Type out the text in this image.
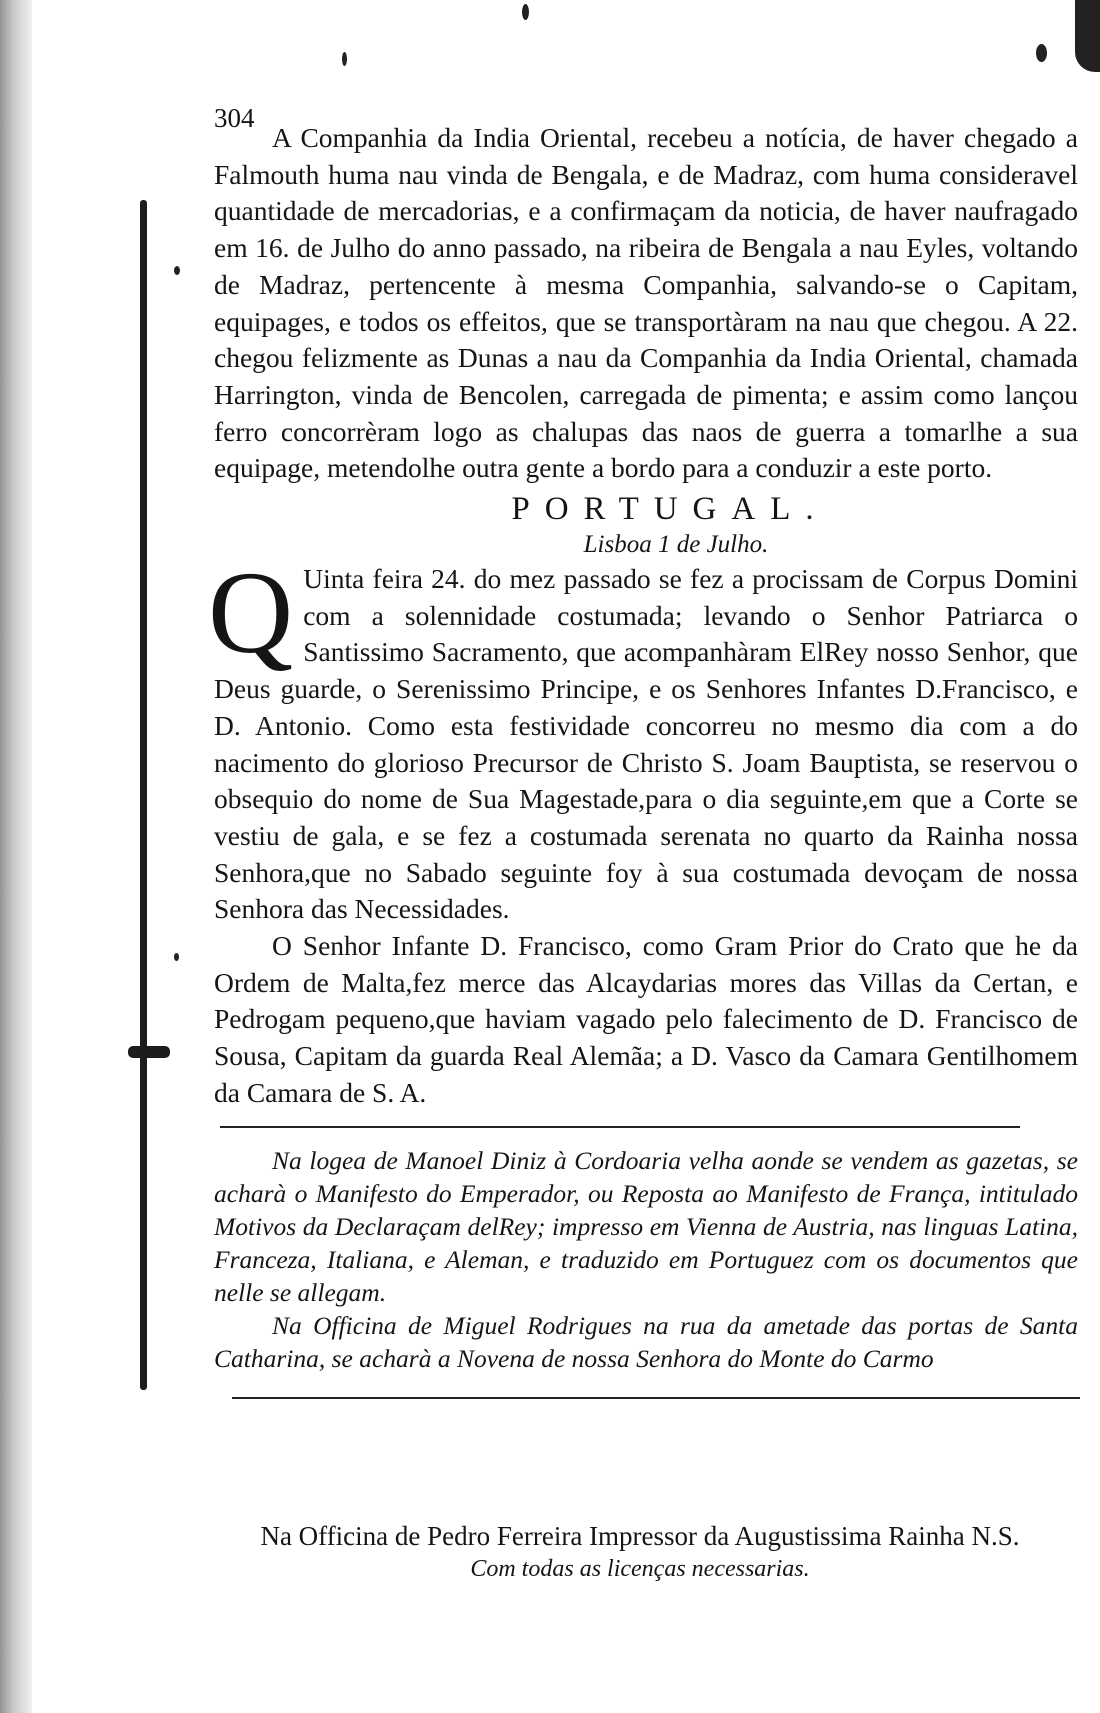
304

A Companhia da India Oriental, recebeu a notícia, de haver chegado a Falmouth huma nau vinda de Bengala, e de Madraz, com huma consideravel quantidade de mercadorias, e a confirmaçam da noticia, de haver naufragado em 16. de Julho do anno passado, na ribeira de Bengala a nau Eyles, voltando de Madraz, pertencente à mesma Companhia, salvando-se o Capitam, equipages, e todos os effeitos, que se transportàram na nau que chegou. A 22. chegou felizmente as Dunas a nau da Companhia da India Oriental, chamada Harrington, vinda de Bencolen, carregada de pimenta; e assim como lançou ferro concorrèram logo as chalupas das naos de guerra a tomarlhe a sua equipage, metendolhe outra gente a bordo para a conduzir a este porto.

PORTUGAL.
Lisboa 1 de Julho.

Q Uinta feira 24. do mez passado se fez a procissam de Corpus Domini com a solennidade costumada; levando o Senhor Patriarca o Santissimo Sacramento, que acompanhàram ElRey nosso Senhor, que Deus guarde, o Serenissimo Principe, e os Senhores Infantes D.Francisco, e D. Antonio. Como esta festividade concorreu no mesmo dia com a do nacimento do glorioso Precursor de Christo S. Joam Bauptista, se reservou o obsequio do nome de Sua Magestade,para o dia seguinte,em que a Corte se vestiu de gala, e se fez a costumada serenata no quarto da Rainha nossa Senhora,que no Sabado seguinte foy à sua costumada devoçam de nossa Senhora das Necessidades.

O Senhor Infante D. Francisco, como Gram Prior do Crato que he da Ordem de Malta,fez merce das Alcaydarias mores das Villas da Certan, e Pedrogam pequeno,que haviam vagado pelo falecimento de D. Francisco de Sousa, Capitam da guarda Real Alemãa; a D. Vasco da Camara Gentilhomem da Camara de S. A.

Na logea de Manoel Diniz à Cordoaria velha aonde se vendem as gazetas, se acharà o Manifesto do Emperador, ou Reposta ao Manifesto de França, intitulado Motivos da Declaraçam delRey; impresso em Vienna de Austria, nas linguas Latina, Franceza, Italiana, e Aleman, e traduzido em Portuguez com os documentos que nelle se allegam.

Na Officina de Miguel Rodrigues na rua da ametade das portas de Santa Catharina, se acharà a Novena de nossa Senhora do Monte do Carmo

Na Officina de Pedro Ferreira Impressor da Augustissima Rainha N.S.
Com todas as licenças necessarias.
